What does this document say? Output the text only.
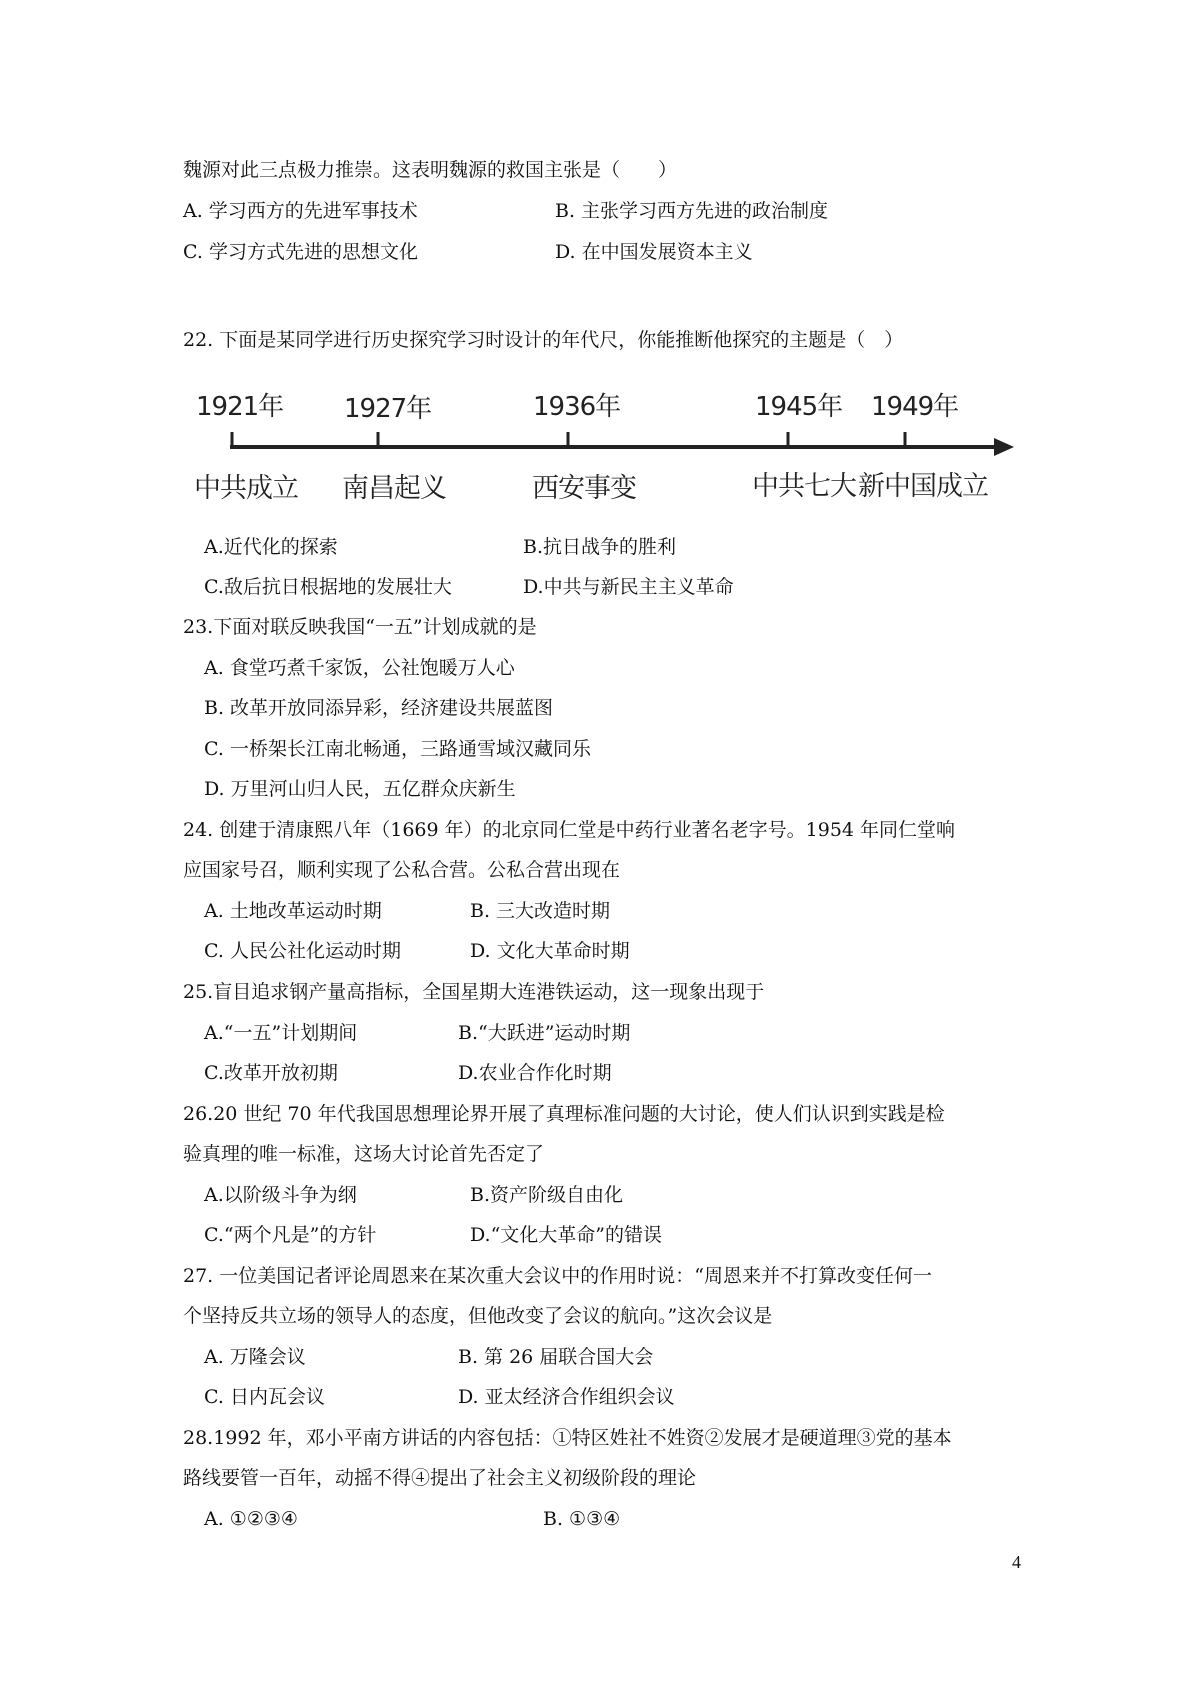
魏源对此三点极力推崇。这表明魏源的救国主张是（　　）
A. 学习西方的先进军事技术	B. 主张学习西方先进的政治制度
C. 学习方式先进的思想文化	D. 在中国发展资本主义
22. 下面是某同学进行历史探究学习时设计的年代尺，你能推断他探究的主题是（　）
1921年
中共成立
1927年
南昌起义
1936年
西安事变
1945年
中共七大
1949年
新中国成立
A.近代化的探索	B.抗日战争的胜利
C.敌后抗日根据地的发展壮大	D.中共与新民主主义革命
23.下面对联反映我国“一五”计划成就的是
A. 食堂巧煮千家饭，公社饱暖万人心
B. 改革开放同添异彩，经济建设共展蓝图
C. 一桥架长江南北畅通，三路通雪域汉藏同乐
D. 万里河山归人民，五亿群众庆新生
24. 创建于清康熙八年（1669 年）的北京同仁堂是中药行业著名老字号。1954 年同仁堂响
应国家号召，顺利实现了公私合营。公私合营出现在
A. 土地改革运动时期	B. 三大改造时期
C. 人民公社化运动时期	D. 文化大革命时期
25.盲目追求钢产量高指标，全国星期大连港铁运动，这一现象出现于
A.“一五”计划期间	B.“大跃进”运动时期
C.改革开放初期	D.农业合作化时期
26.20 世纪 70 年代我国思想理论界开展了真理标准问题的大讨论，使人们认识到实践是检
验真理的唯一标准，这场大讨论首先否定了
A.以阶级斗争为纲	B.资产阶级自由化
C.“两个凡是”的方针	D.“文化大革命”的错误
27. 一位美国记者评论周恩来在某次重大会议中的作用时说：“周恩来并不打算改变任何一
个坚持反共立场的领导人的态度，但他改变了会议的航向。”这次会议是
A. 万隆会议	B. 第 26 届联合国大会
C. 日内瓦会议	D. 亚太经济合作组织会议
28.1992 年，邓小平南方讲话的内容包括：①特区姓社不姓资②发展才是硬道理③党的基本
路线要管一百年，动摇不得④提出了社会主义初级阶段的理论
A. ①②③④	B. ①③④
4
